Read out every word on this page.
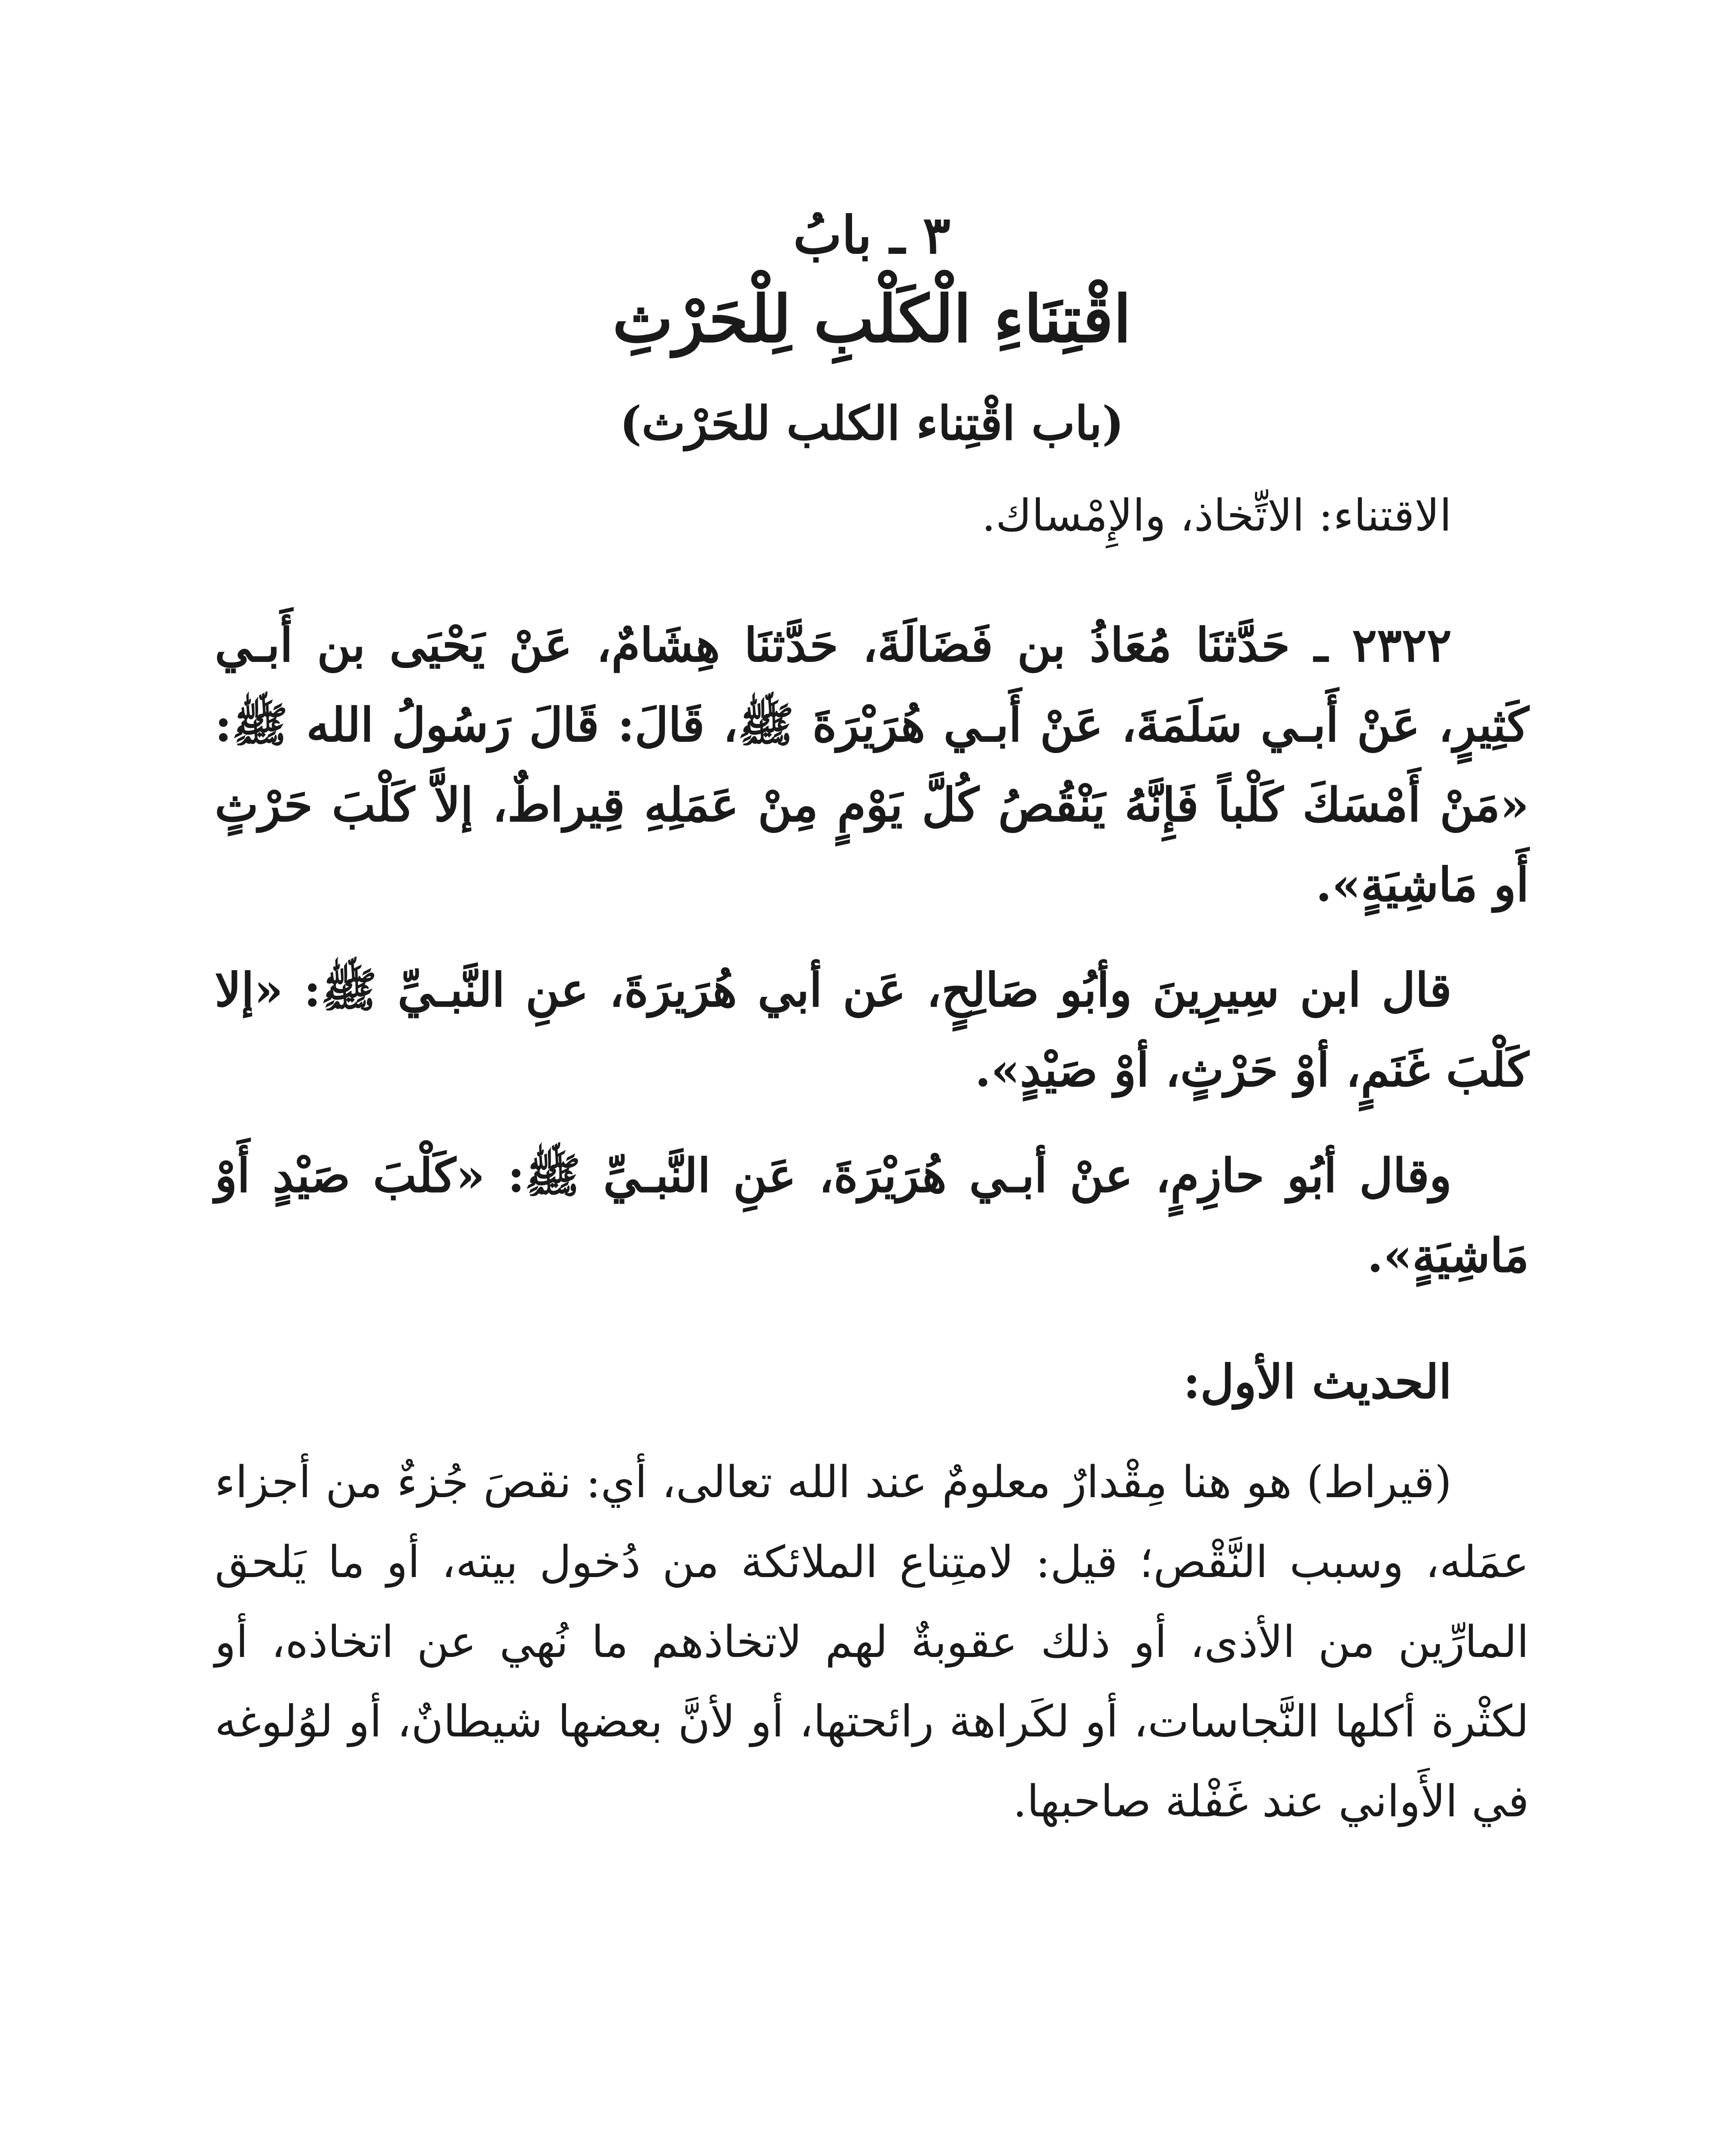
٣ ـ بابُ

اقْتِنَاءِ الْكَلْبِ لِلْحَرْثِ

(باب اقْتِناء الكلب للحَرْث)

الاقتناء: الاتِّخاذ، والإِمْساك.

٢٣٢٢ ـ حَدَّثنَا مُعَاذُ بن فَضَالَةَ، حَدَّثنَا هِشَامٌ، عَنْ يَحْيَى بن أَبـي كَثِيرٍ، عَنْ أَبـي سَلَمَةَ، عَنْ أَبـي هُرَيْرَةَ ﷺ، قَالَ: قَالَ رَسُولُ الله ﷺ: «مَنْ أَمْسَكَ كَلْباً فَإِنَّهُ يَنْقُصُ كُلَّ يَوْمٍ مِنْ عَمَلِهِ قِيراطٌ، إلاَّ كَلْبَ حَرْثٍ أَو مَاشِيَةٍ».

قال ابن سِيرِينَ وأبُو صَالِحٍ، عَن أبي هُرَيرَةَ، عنِ النَّبـيِّ ﷺ: «إلا كَلْبَ غَنَمٍ، أوْ حَرْثٍ، أوْ صَيْدٍ».

وقال أبُو حازِمٍ، عنْ أبـي هُرَيْرَةَ، عَنِ النَّبـيِّ ﷺ: «كَلْبَ صَيْدٍ أَوْ مَاشِيَةٍ».

الحديث الأول:

(قيراط) هو هنا مِقْدارٌ معلومٌ عند الله تعالى، أي: نقصَ جُزءٌ من أجزاء عمَله، وسبب النَّقْص؛ قيل: لامتِناع الملائكة من دُخول بيته، أو ما يَلحق المارِّين من الأذى، أو ذلك عقوبةٌ لهم لاتخاذهم ما نُهي عن اتخاذه، أو لكثْرة أكلها النَّجاسات، أو لكَراهة رائحتها، أو لأنَّ بعضها شيطانٌ، أو لوُلوغه في الأَواني عند غَفْلة صاحبها.
